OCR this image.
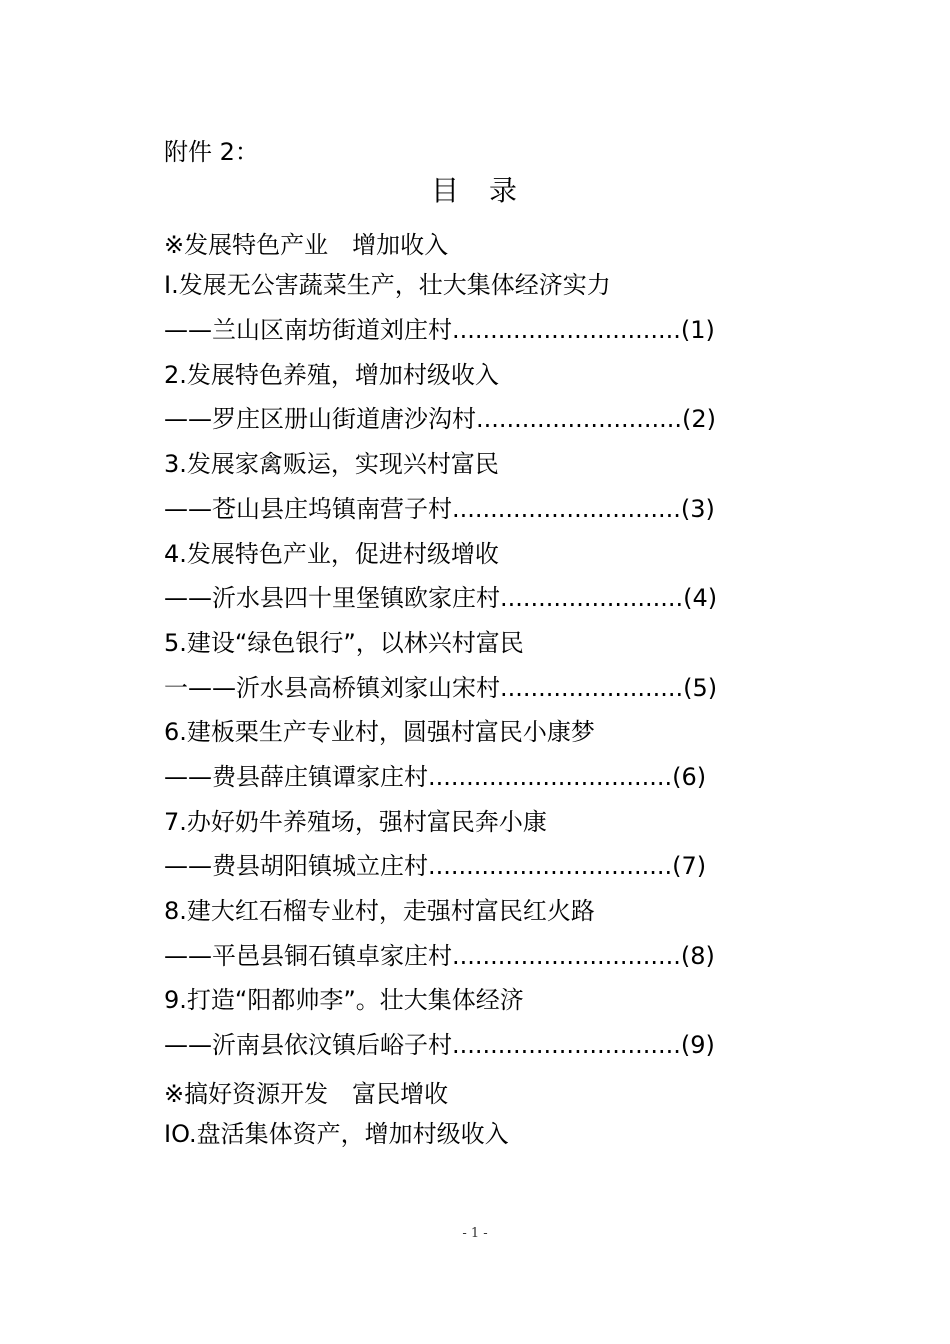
附件 2：
目 录
※发展特色产业　增加收入
I.发展无公害蔬菜生产，壮大集体经济实力
——兰山区南坊街道刘庄村..............................(1)
2.发展特色养殖，增加村级收入
——罗庄区册山街道唐沙沟村...........................(2)
3.发展家禽贩运，实现兴村富民
——苍山县庄坞镇南营子村..............................(3)
4.发展特色产业，促进村级增收
——沂水县四十里堡镇欧家庄村........................(4)
5.建设“绿色银行”，以林兴村富民
一——沂水县高桥镇刘家山宋村........................(5)
6.建板栗生产专业村，圆强村富民小康梦
——费县薛庄镇谭家庄村................................(6)
7.办好奶牛养殖场，强村富民奔小康
——费县胡阳镇城立庄村................................(7)
8.建大红石榴专业村，走强村富民红火路
——平邑县铜石镇卓家庄村..............................(8)
9.打造“阳都帅李”。壮大集体经济
——沂南县依汶镇后峪子村..............................(9)
※搞好资源开发　富民增收
IO.盘活集体资产，增加村级收入
- 1 -
